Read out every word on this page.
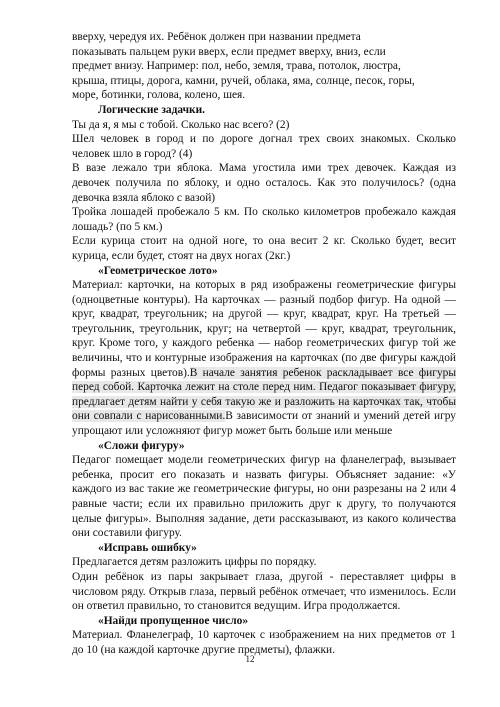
вверху, чередуя их. Ребёнок должен при названии предмета
показывать пальцем руки вверх, если предмет вверху, вниз, если
предмет внизу. Например: пол, небо, земля, трава, потолок, люстра,
крыша, птицы, дорога, камни, ручей, облака, яма, солнце, песок, горы,
море, ботинки, голова, колено, шея.

Логические задачки.

Ты да я, я мы с тобой. Сколько нас всего? (2)

Шел человек в город и по дороге догнал трех своих знакомых. Сколько человек шло в город? (4)

В вазе лежало три яблока. Мама угостила ими трех девочек. Каждая из девочек получила по яблоку, и одно осталось. Как это получилось? (одна девочка взяла яблоко с вазой)

Тройка лошадей пробежало 5 км. По сколько километров пробежало каждая лошадь? (по 5 км.)

Если курица стоит на одной ноге, то она весит 2 кг. Сколько будет, весит курица, если будет, стоят на двух ногах (2кг.)

«Геометрическое лото»

Материал: карточки, на которых в ряд изображены геометрические фигуры (одноцветные контуры). На карточках — разный подбор фигур. На одной — круг, квадрат, треугольник; на другой — круг, квадрат, круг. На третьей — треугольник, треугольник, круг; на четвертой — круг, квадрат, треугольник, круг. Кроме того, у каждого ребенка — набор геометрических фигур той же величины, что и контурные изображения на карточках (по две фигуры каждой формы разных цветов).В начале занятия ребенок раскладывает все фигуры перед собой. Карточка лежит на столе перед ним. Педагог показывает фигуру, предлагает детям найти у себя такую же и разложить на карточках так, чтобы они совпали с нарисованными.В зависимости от знаний и умений детей игру упрощают или усложняют фигур может быть больше или меньше

«Сложи фигуру»

Педагог помещает модели геометрических фигур на фланелеграф, вызывает ребенка, просит его показать и назвать фигуры. Объясняет задание: «У каждого из вас такие же геометрические фигуры, но они разрезаны на 2 или 4 равные части; если их правильно приложить друг к другу, то получаются целые фигуры». Выполняя задание, дети рассказывают, из какого количества они составили фигуру.

«Исправь ошибку»

Предлагается детям разложить цифры по порядку.

Один ребёнок из пары закрывает глаза, другой - переставляет цифры в числовом ряду. Открыв глаза, первый ребёнок отмечает, что изменилось. Если он ответил правильно, то становится ведущим. Игра продолжается.

«Найди пропущенное число»

Материал. Фланелеграф, 10 карточек с изображением на них предметов от 1 до 10 (на каждой карточке другие предметы), флажки.

12
